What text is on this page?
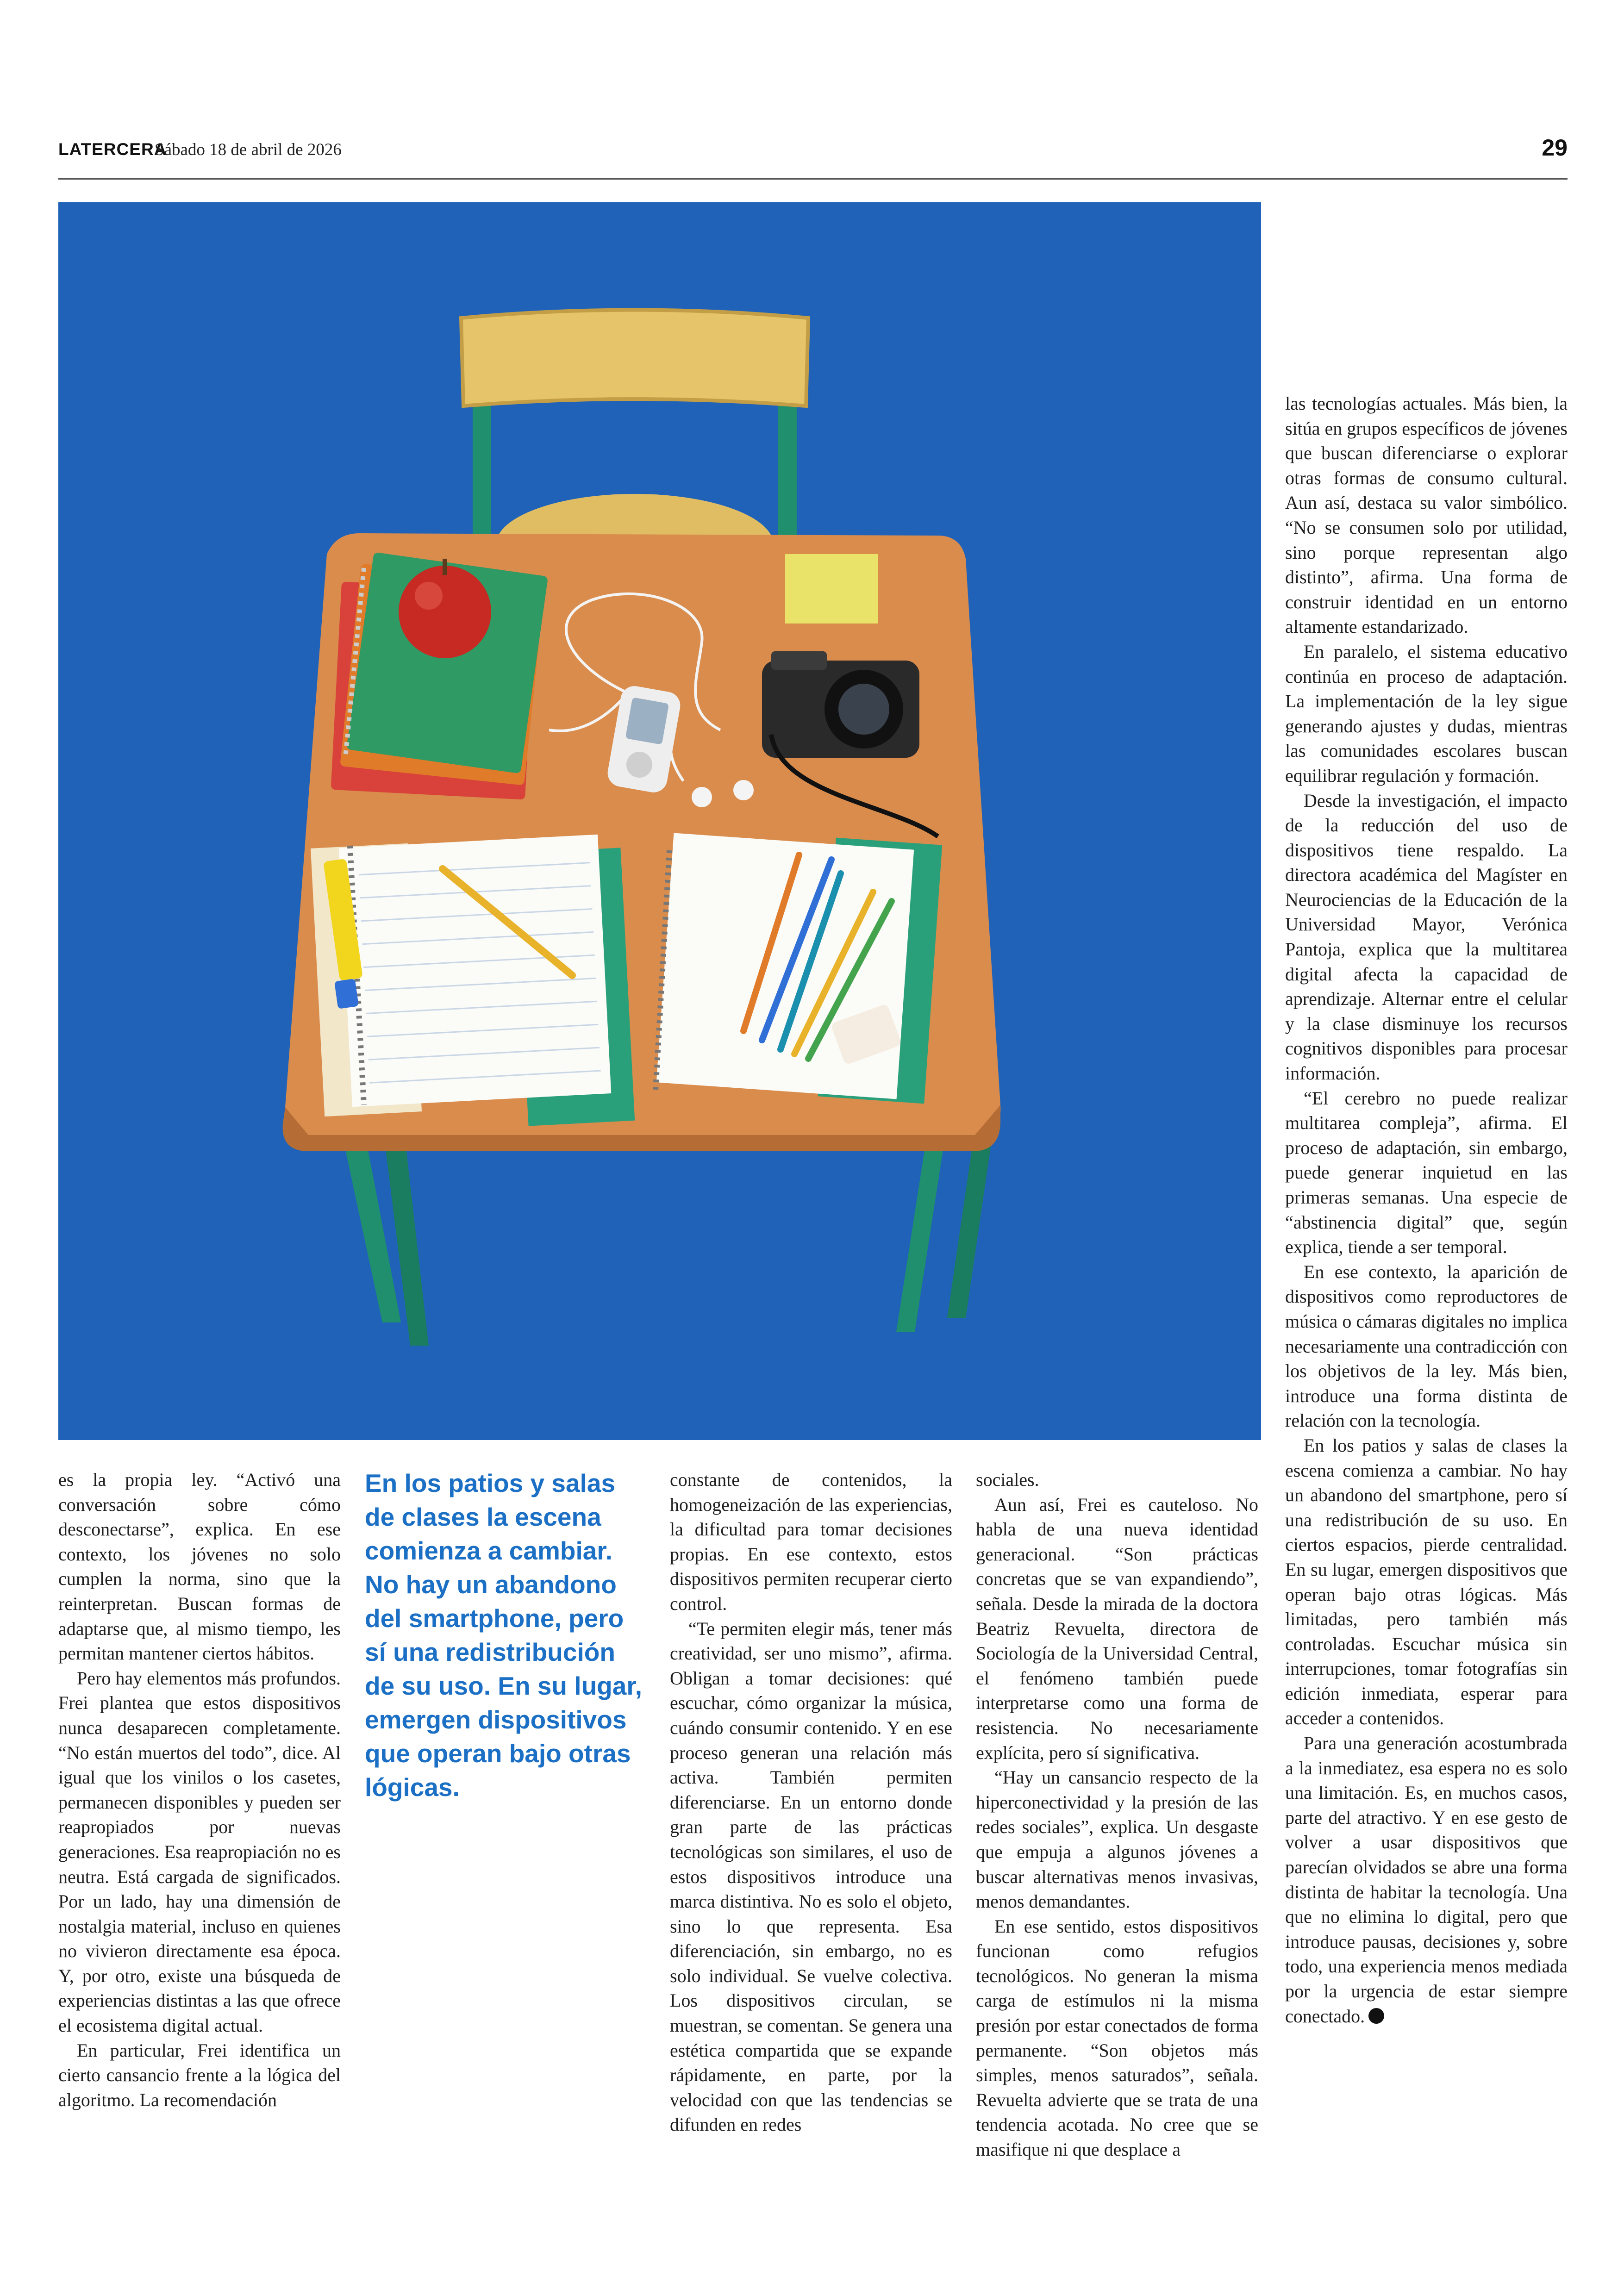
LATERCERA
Sábado 18 de abril de 2026	29

es la propia ley. “Activó una conversación sobre cómo desconectarse”, explica. En ese contexto, los jóvenes no solo cumplen la norma, sino que la reinterpretan. Buscan formas de adaptarse que, al mismo tiempo, les permitan mantener ciertos hábitos.

Pero hay elementos más profundos. Frei plantea que estos dispositivos nunca desaparecen completamente. “No están muertos del todo”, dice. Al igual que los vinilos o los casetes, permanecen disponibles y pueden ser reapropiados por nuevas generaciones. Esa reapropiación no es neutra. Está cargada de significados. Por un lado, hay una dimensión de nostalgia material, incluso en quienes no vivieron directamente esa época. Y, por otro, existe una búsqueda de experiencias distintas a las que ofrece el ecosistema digital actual.

En particular, Frei identifica un cierto cansancio frente a la lógica del algoritmo. La recomendación

En los patios y salas de clases la escena comienza a cambiar. No hay un abandono del smartphone, pero sí una redistribución de su uso. En su lugar, emergen dispositivos que operan bajo otras lógicas.

constante de contenidos, la homogeneización de las experiencias, la dificultad para tomar decisiones propias. En ese contexto, estos dispositivos permiten recuperar cierto control.

“Te permiten elegir más, tener más creatividad, ser uno mismo”, afirma. Obligan a tomar decisiones: qué escuchar, cómo organizar la música, cuándo consumir contenido. Y en ese proceso generan una relación más activa. También permiten diferenciarse. En un entorno donde gran parte de las prácticas tecnológicas son similares, el uso de estos dispositivos introduce una marca distintiva. No es solo el objeto, sino lo que representa. Esa diferenciación, sin embargo, no es solo individual. Se vuelve colectiva. Los dispositivos circulan, se muestran, se comentan. Se genera una estética compartida que se expande rápidamente, en parte, por la velocidad con que las tendencias se difunden en redes

sociales.

Aun así, Frei es cauteloso. No habla de una nueva identidad generacional. “Son prácticas concretas que se van expandiendo”, señala. Desde la mirada de la doctora Beatriz Revuelta, directora de Sociología de la Universidad Central, el fenómeno también puede interpretarse como una forma de resistencia. No necesariamente explícita, pero sí significativa.

“Hay un cansancio respecto de la hiperconectividad y la presión de las redes sociales”, explica. Un desgaste que empuja a algunos jóvenes a buscar alternativas menos invasivas, menos demandantes.

En ese sentido, estos dispositivos funcionan como refugios tecnológicos. No generan la misma carga de estímulos ni la misma presión por estar conectados de forma permanente. “Son objetos más simples, menos saturados”, señala. Revuelta advierte que se trata de una tendencia acotada. No cree que se masifique ni que desplace a

las tecnologías actuales. Más bien, la sitúa en grupos específicos de jóvenes que buscan diferenciarse o explorar otras formas de consumo cultural. Aun así, destaca su valor simbólico. “No se consumen solo por utilidad, sino porque representan algo distinto”, afirma. Una forma de construir identidad en un entorno altamente estandarizado.

En paralelo, el sistema educativo continúa en proceso de adaptación. La implementación de la ley sigue generando ajustes y dudas, mientras las comunidades escolares buscan equilibrar regulación y formación.

Desde la investigación, el impacto de la reducción del uso de dispositivos tiene respaldo. La directora académica del Magíster en Neurociencias de la Educación de la Universidad Mayor, Verónica Pantoja, explica que la multitarea digital afecta la capacidad de aprendizaje. Alternar entre el celular y la clase disminuye los recursos cognitivos disponibles para procesar información.

“El cerebro no puede realizar multitarea compleja”, afirma. El proceso de adaptación, sin embargo, puede generar inquietud en las primeras semanas. Una especie de “abstinencia digital” que, según explica, tiende a ser temporal.

En ese contexto, la aparición de dispositivos como reproductores de música o cámaras digitales no implica necesariamente una contradicción con los objetivos de la ley. Más bien, introduce una forma distinta de relación con la tecnología.

En los patios y salas de clases la escena comienza a cambiar. No hay un abandono del smartphone, pero sí una redistribución de su uso. En ciertos espacios, pierde centralidad. En su lugar, emergen dispositivos que operan bajo otras lógicas. Más limitadas, pero también más controladas. Escuchar música sin interrupciones, tomar fotografías sin edición inmediata, esperar para acceder a contenidos.

Para una generación acostumbrada a la inmediatez, esa espera no es solo una limitación. Es, en muchos casos, parte del atractivo. Y en ese gesto de volver a usar dispositivos que parecían olvidados se abre una forma distinta de habitar la tecnología. Una que no elimina lo digital, pero que introduce pausas, decisiones y, sobre todo, una experiencia menos mediada por la urgencia de estar siempre conectado.
